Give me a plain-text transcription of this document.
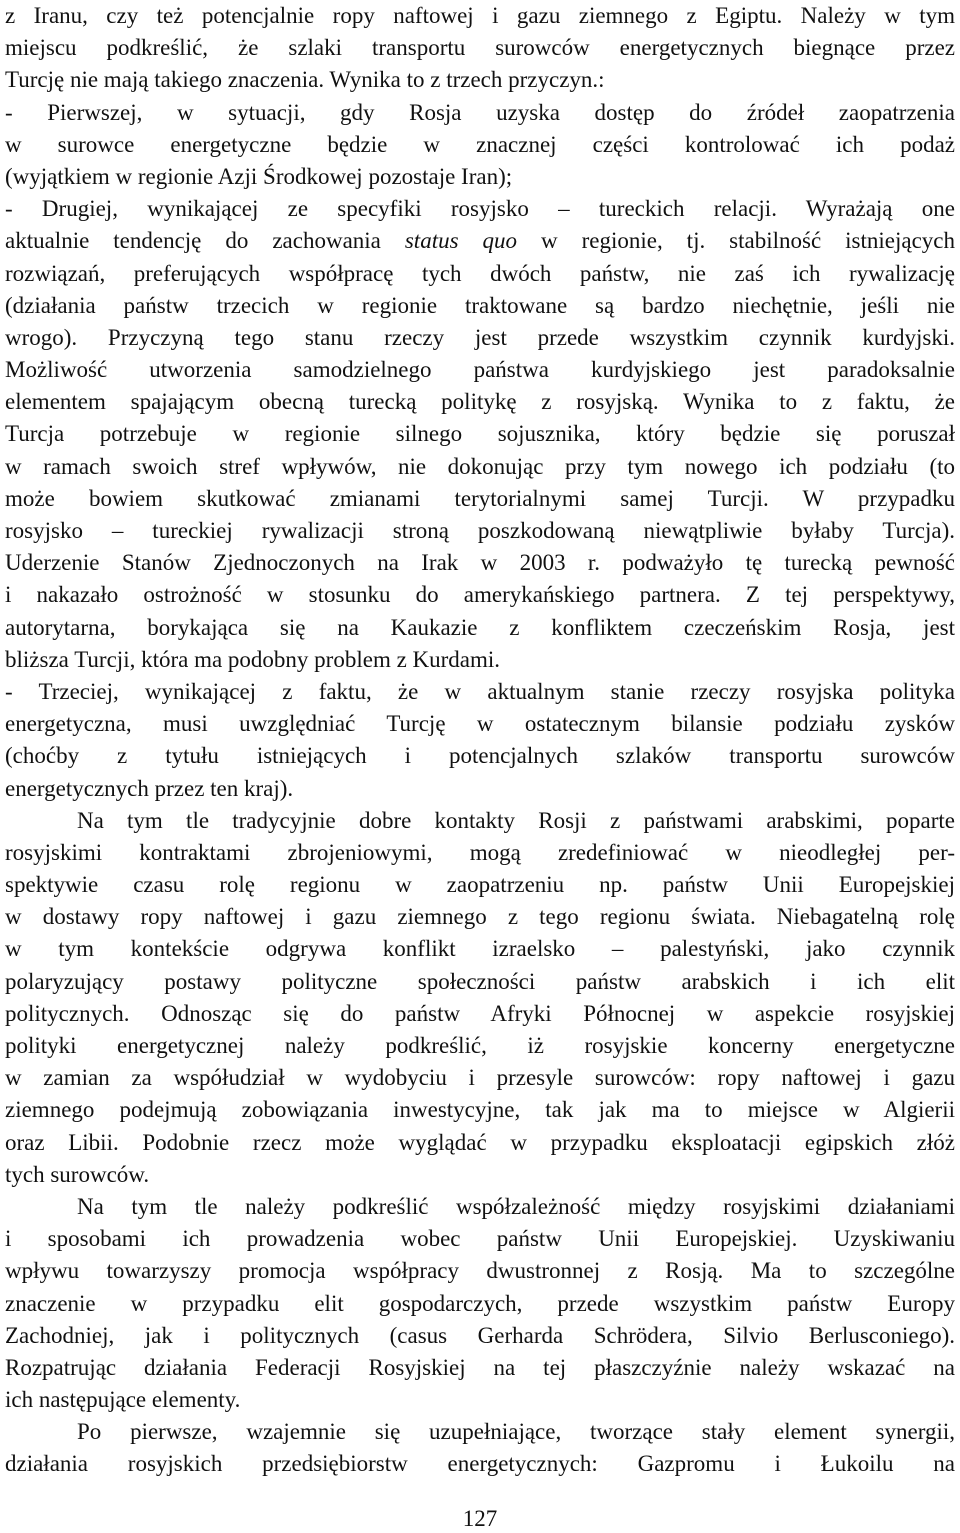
z Iranu, czy też potencjalnie ropy naftowej i gazu ziemnego z Egiptu. Należy w tym
miejscu podkreślić, że szlaki transportu surowców energetycznych biegnące przez
Turcję nie mają takiego znaczenia. Wynika to z trzech przyczyn.:
- Pierwszej, w sytuacji, gdy Rosja uzyska dostęp do źródeł zaopatrzenia
w surowce energetyczne będzie w znacznej części kontrolować ich podaż
(wyjątkiem w regionie Azji Środkowej pozostaje Iran);
- Drugiej, wynikającej ze specyfiki rosyjsko – tureckich relacji. Wyrażają one
aktualnie tendencję do zachowania status quo w regionie, tj. stabilność istniejących
rozwiązań, preferujących współpracę tych dwóch państw, nie zaś ich rywalizację
(działania państw trzecich w regionie traktowane są bardzo niechętnie, jeśli nie
wrogo). Przyczyną tego stanu rzeczy jest przede wszystkim czynnik kurdyjski.
Możliwość utworzenia samodzielnego państwa kurdyjskiego jest paradoksalnie
elementem spajającym obecną turecką politykę z rosyjską. Wynika to z faktu, że
Turcja potrzebuje w regionie silnego sojusznika, który będzie się poruszał
w ramach swoich stref wpływów, nie dokonując przy tym nowego ich podziału (to
może bowiem skutkować zmianami terytorialnymi samej Turcji. W przypadku
rosyjsko – tureckiej rywalizacji stroną poszkodowaną niewątpliwie byłaby Turcja).
Uderzenie Stanów Zjednoczonych na Irak w 2003 r. podważyło tę turecką pewność
i nakazało ostrożność w stosunku do amerykańskiego partnera. Z tej perspektywy,
autorytarna, borykająca się na Kaukazie z konfliktem czeczeńskim Rosja, jest
bliższa Turcji, która ma podobny problem z Kurdami.
- Trzeciej, wynikającej z faktu, że w aktualnym stanie rzeczy rosyjska polityka
energetyczna, musi uwzględniać Turcję w ostatecznym bilansie podziału zysków
(choćby z tytułu istniejących i potencjalnych szlaków transportu surowców
energetycznych przez ten kraj).
Na tym tle tradycyjnie dobre kontakty Rosji z państwami arabskimi, poparte
rosyjskimi kontraktami zbrojeniowymi, mogą zredefiniować w nieodległej per-
spektywie czasu rolę regionu w zaopatrzeniu np. państw Unii Europejskiej
w dostawy ropy naftowej i gazu ziemnego z tego regionu świata. Niebagatelną rolę
w tym kontekście odgrywa konflikt izraelsko – palestyński, jako czynnik
polaryzujący postawy polityczne społeczności państw arabskich i ich elit
politycznych. Odnosząc się do państw Afryki Północnej w aspekcie rosyjskiej
polityki energetycznej należy podkreślić, iż rosyjskie koncerny energetyczne
w zamian za współudział w wydobyciu i przesyle surowców: ropy naftowej i gazu
ziemnego podejmują zobowiązania inwestycyjne, tak jak ma to miejsce w Algierii
oraz Libii. Podobnie rzecz może wyglądać w przypadku eksploatacji egipskich złóż
tych surowców.
Na tym tle należy podkreślić współzależność między rosyjskimi działaniami
i sposobami ich prowadzenia wobec państw Unii Europejskiej. Uzyskiwaniu
wpływu towarzyszy promocja współpracy dwustronnej z Rosją. Ma to szczególne
znaczenie w przypadku elit gospodarczych, przede wszystkim państw Europy
Zachodniej, jak i politycznych (casus Gerharda Schrödera, Silvio Berlusconiego).
Rozpatrując działania Federacji Rosyjskiej na tej płaszczyźnie należy wskazać na
ich następujące elementy.
Po pierwsze, wzajemnie się uzupełniające, tworzące stały element synergii,
działania rosyjskich przedsiębiorstw energetycznych: Gazpromu i Łukoilu na
127
